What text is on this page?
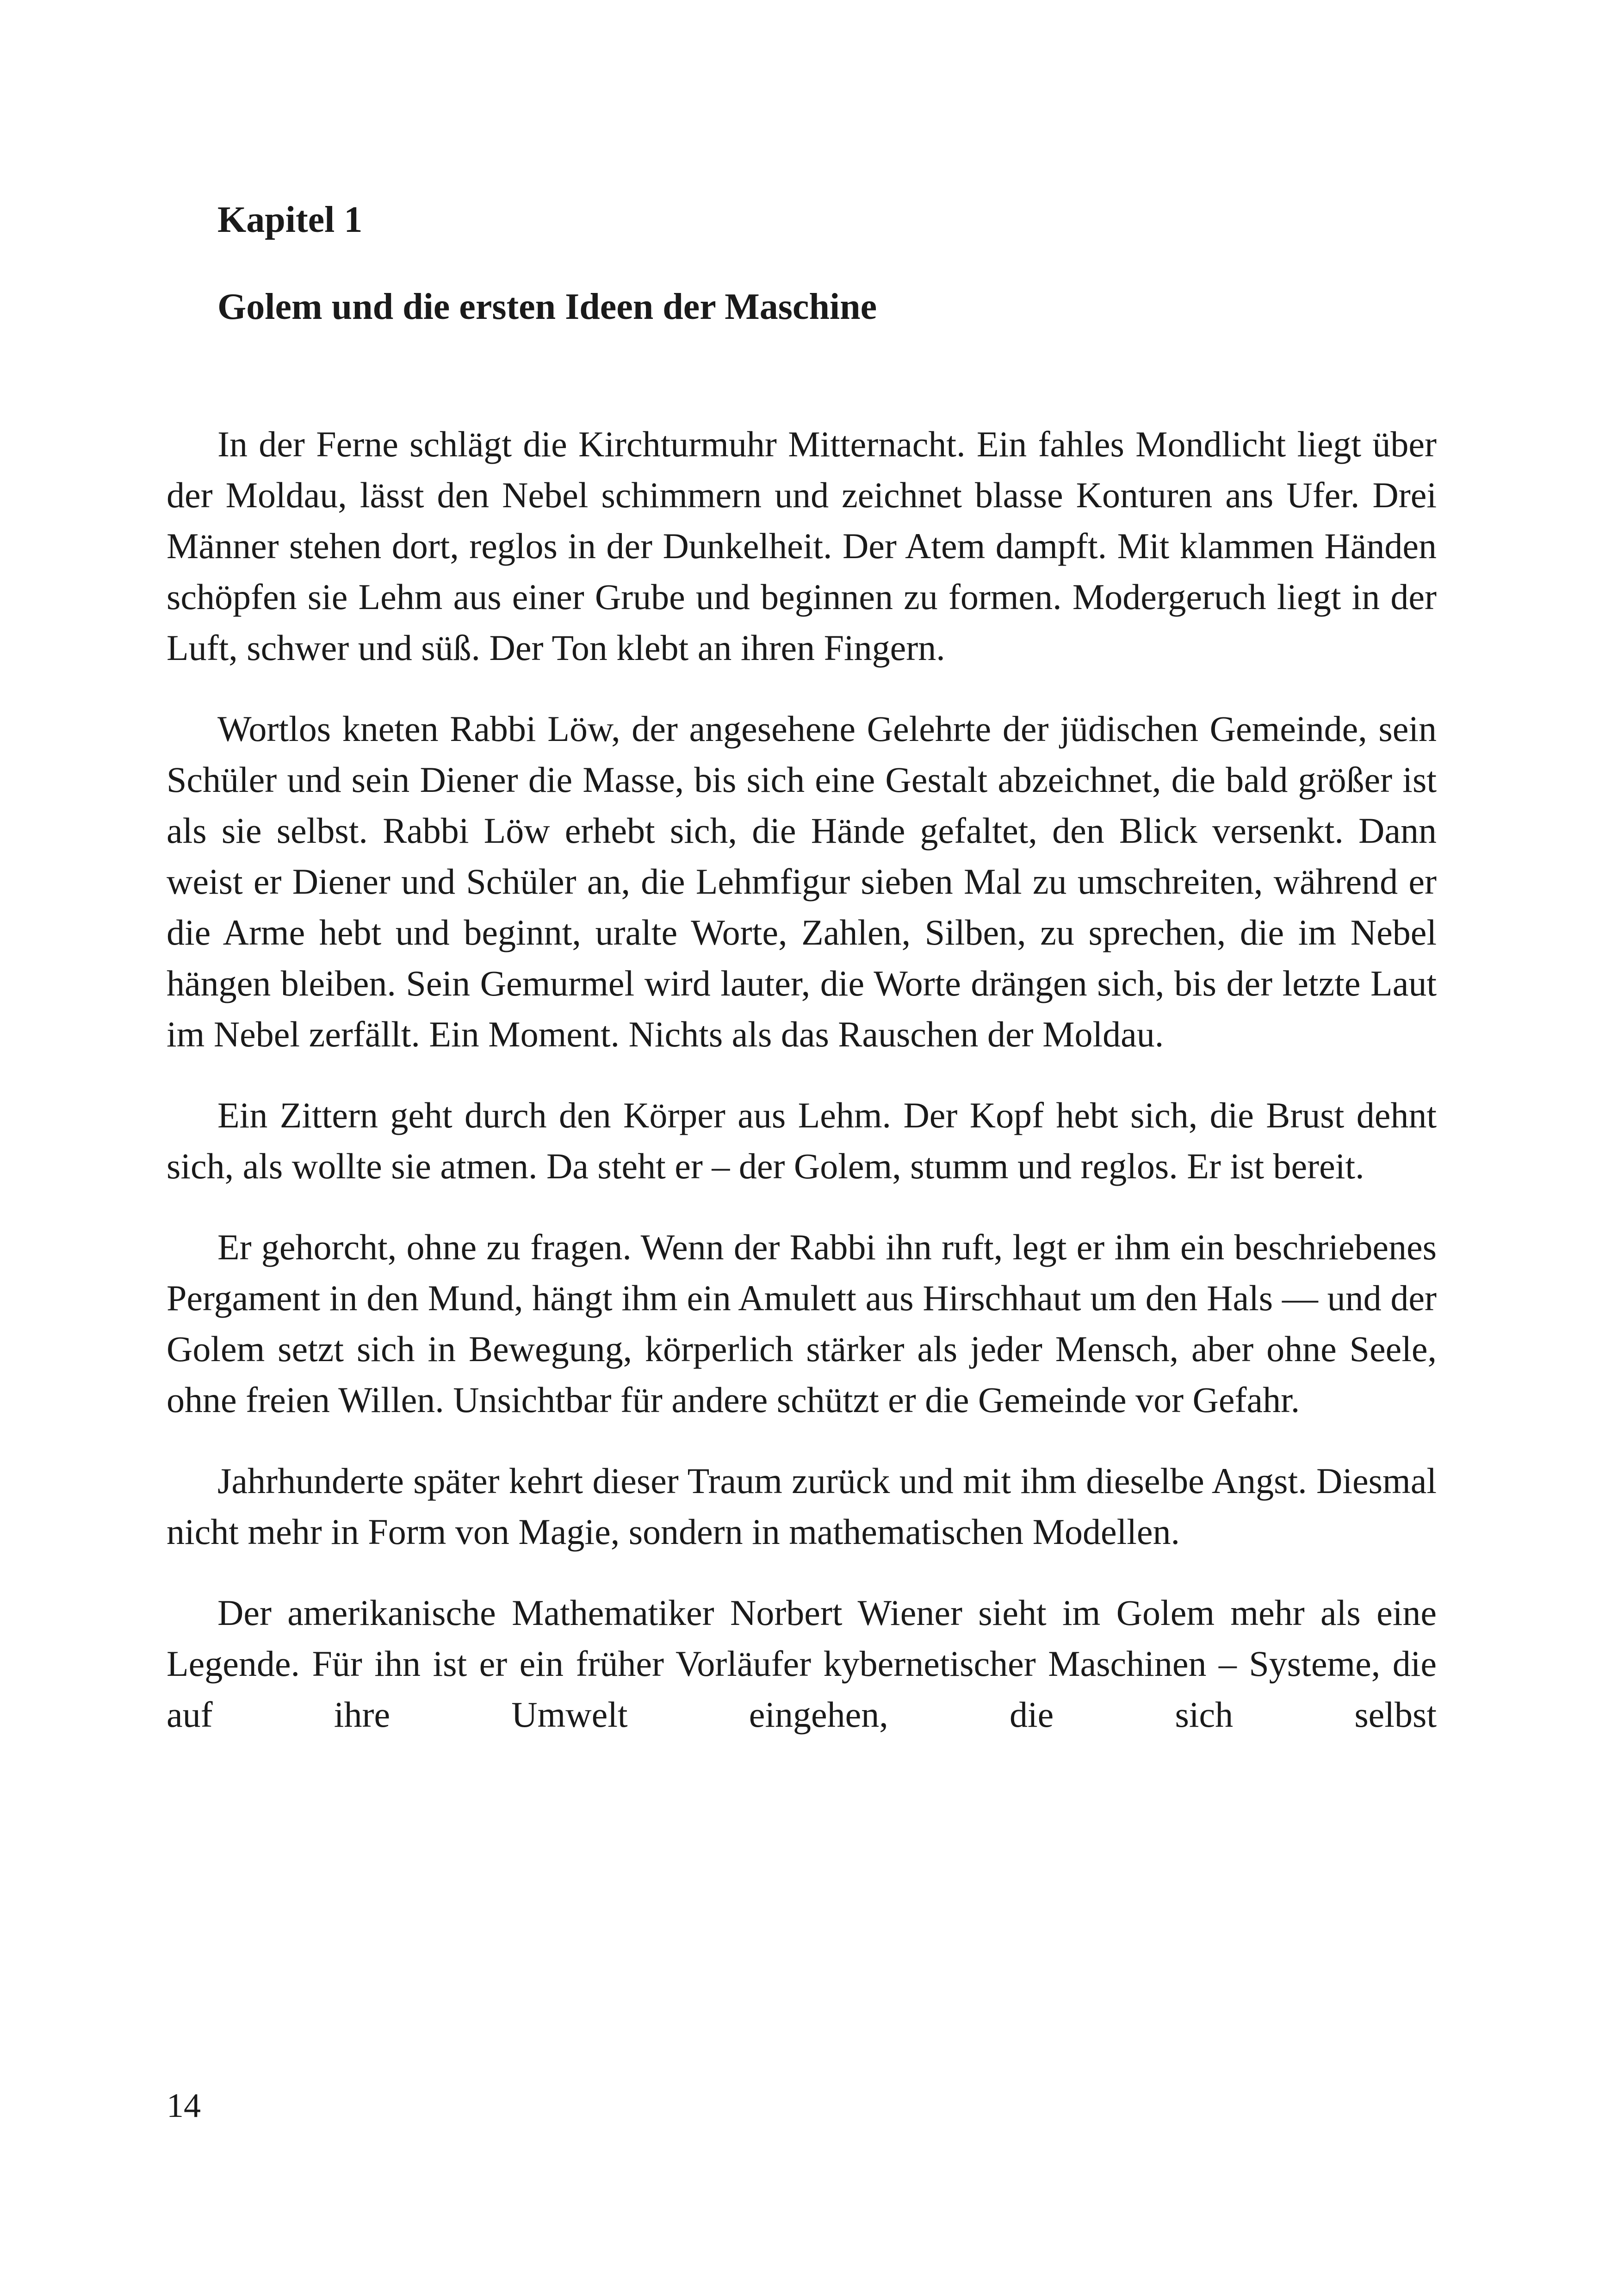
Kapitel 1

Golem und die ersten Ideen der Maschine

In der Ferne schlägt die Kirchturmuhr Mitternacht. Ein fahles Mondlicht liegt über der Moldau, lässt den Nebel schimmern und zeichnet blasse Konturen ans Ufer. Drei Männer stehen dort, reglos in der Dunkelheit. Der Atem dampft. Mit klammen Händen schöpfen sie Lehm aus einer Grube und beginnen zu formen. Modergeruch liegt in der Luft, schwer und süß. Der Ton klebt an ihren Fingern.

Wortlos kneten Rabbi Löw, der angesehene Gelehrte der jüdischen Gemeinde, sein Schüler und sein Diener die Masse, bis sich eine Gestalt abzeichnet, die bald größer ist als sie selbst. Rabbi Löw erhebt sich, die Hände gefaltet, den Blick versenkt. Dann weist er Diener und Schüler an, die Lehmfigur sieben Mal zu umschreiten, während er die Arme hebt und beginnt, uralte Worte, Zahlen, Silben, zu sprechen, die im Nebel hängen bleiben. Sein Gemurmel wird lauter, die Worte drängen sich, bis der letzte Laut im Nebel zerfällt. Ein Moment. Nichts als das Rauschen der Moldau.

Ein Zittern geht durch den Körper aus Lehm. Der Kopf hebt sich, die Brust dehnt sich, als wollte sie atmen. Da steht er – der Golem, stumm und reglos. Er ist bereit.

Er gehorcht, ohne zu fragen. Wenn der Rabbi ihn ruft, legt er ihm ein beschriebenes Pergament in den Mund, hängt ihm ein Amulett aus Hirschhaut um den Hals — und der Golem setzt sich in Bewegung, körperlich stärker als jeder Mensch, aber ohne Seele, ohne freien Willen. Unsichtbar für andere schützt er die Gemeinde vor Gefahr.

Jahrhunderte später kehrt dieser Traum zurück und mit ihm dieselbe Angst. Diesmal nicht mehr in Form von Magie, sondern in mathematischen Modellen.

Der amerikanische Mathematiker Norbert Wiener sieht im Golem mehr als eine Legende. Für ihn ist er ein früher Vorläufer kybernetischer Maschinen – Systeme, die auf ihre Umwelt eingehen, die sich selbst

14
